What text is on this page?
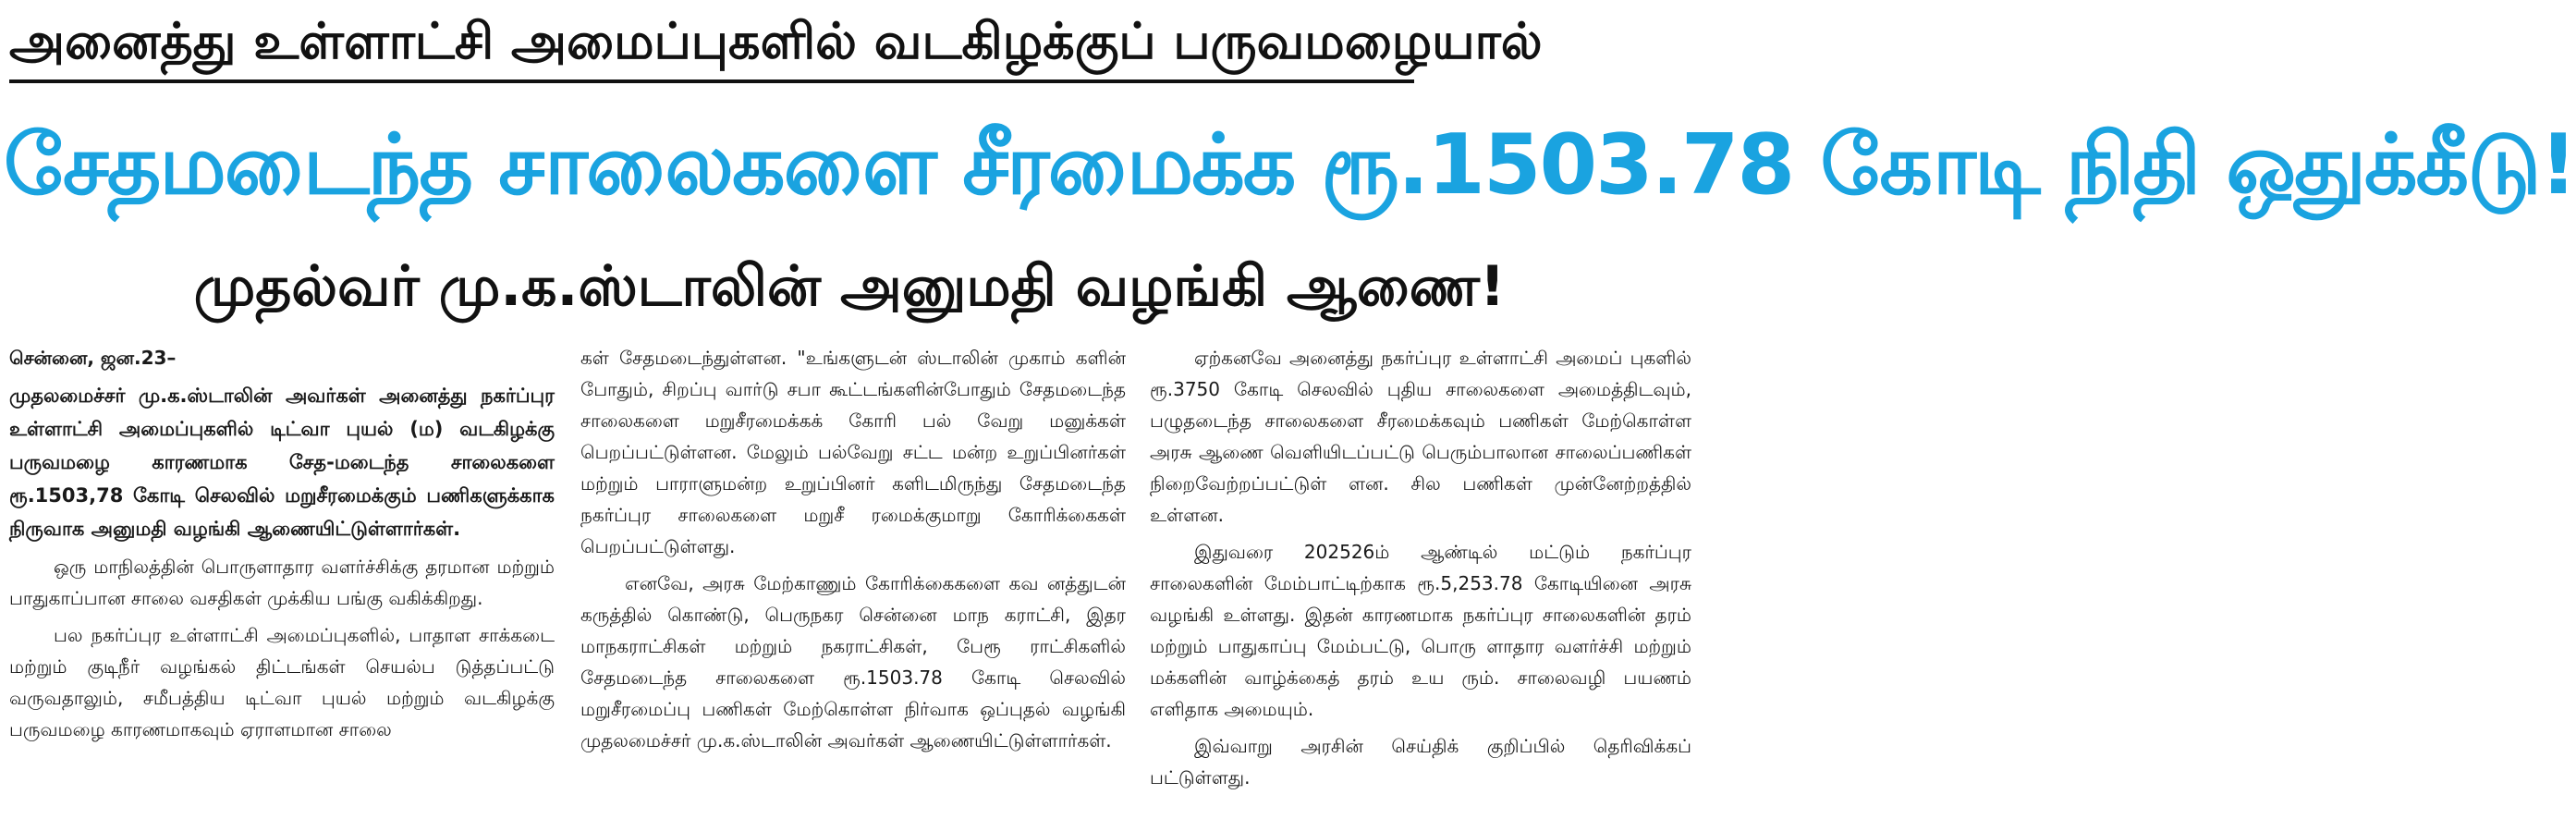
அனைத்து உள்ளாட்சி அமைப்புகளில் வடகிழக்குப் பருவமழையால்
சேதமடைந்த சாலைகளை சீரமைக்க ரூ.1503.78 கோடி நிதி ஒதுக்கீடு!
முதல்வர் மு.க.ஸ்டாலின் அனுமதி வழங்கி ஆணை!

சென்னை, ஜன.23–

முதலமைச்சர் மு.க.ஸ்டாலின் அவர்கள் அனைத்து நகர்ப்புர உள்ளாட்சி அமைப்புகளில் டிட்வா புயல் (ம) வடகிழக்கு பருவமழை காரணமாக சேத-மடைந்த சாலைகளை ரூ.1503,78 கோடி செலவில் மறுசீரமைக்கும் பணிகளுக்காக நிருவாக அனுமதி வழங்கி ஆணையிட்டுள்ளார்கள்.

ஒரு மாநிலத்தின் பொருளாதார வளர்ச்சிக்கு தரமான மற்றும் பாதுகாப்பான சாலை வசதிகள் முக்கிய பங்கு வகிக்கிறது.

பல நகர்ப்புர உள்ளாட்சி அமைப்புகளில், பாதாள சாக்கடை மற்றும் குடிநீர் வழங்கல் திட்டங்கள் செயல்ப டுத்தப்பட்டு வருவதாலும், சமீபத்திய டிட்வா புயல் மற்றும் வடகிழக்கு பருவமழை காரணமாகவும் ஏராளமான சாலை

கள் சேதமடைந்துள்ளன. "உங்களுடன் ஸ்டாலின் முகாம் களின் போதும், சிறப்பு வார்டு சபா கூட்டங்களின்போதும் சேதமடைந்த சாலைகளை மறுசீரமைக்கக் கோரி பல் வேறு மனுக்கள் பெறப்பட்டுள்ளன. மேலும் பல்வேறு சட்ட மன்ற உறுப்பினர்கள் மற்றும் பாராளுமன்ற உறுப்பினர் களிடமிருந்து சேதமடைந்த நகர்ப்புர சாலைகளை மறுசீ ரமைக்குமாறு கோரிக்கைகள் பெறப்பட்டுள்ளது.

எனவே, அரசு மேற்காணும் கோரிக்கைகளை கவ னத்துடன் கருத்தில் கொண்டு, பெருநகர சென்னை மாந கராட்சி, இதர மாநகராட்சிகள் மற்றும் நகராட்சிகள், பேரூ ராட்சிகளில் சேதமடைந்த சாலைகளை ரூ.1503.78 கோடி செலவில் மறுசீரமைப்பு பணிகள் மேற்கொள்ள நிர்வாக ஒப்புதல் வழங்கி முதலமைச்சர் மு.க.ஸ்டாலின் அவர்கள் ஆணையிட்டுள்ளார்கள்.

ஏற்கனவே அனைத்து நகர்ப்புர உள்ளாட்சி அமைப் புகளில் ரூ.3750 கோடி செலவில் புதிய சாலைகளை அமைத்திடவும், பழுதடைந்த சாலைகளை சீரமைக்கவும் பணிகள் மேற்கொள்ள அரசு ஆணை வெளியிடப்பட்டு பெரும்பாலான சாலைப்பணிகள் நிறைவேற்றப்பட்டுள் ளன. சில பணிகள் முன்னேற்றத்தில் உள்ளன.

இதுவரை 202526ம் ஆண்டில் மட்டும் நகர்ப்புர சாலைகளின் மேம்பாட்டிற்காக ரூ.5,253.78 கோடியினை அரசு வழங்கி உள்ளது. இதன் காரணமாக நகர்ப்புர சாலைகளின் தரம் மற்றும் பாதுகாப்பு மேம்பட்டு, பொரு ளாதார வளர்ச்சி மற்றும் மக்களின் வாழ்க்கைத் தரம் உய ரும். சாலைவழி பயணம் எளிதாக அமையும்.

இவ்வாறு அரசின் செய்திக் குறிப்பில் தெரிவிக்கப் பட்டுள்ளது.
